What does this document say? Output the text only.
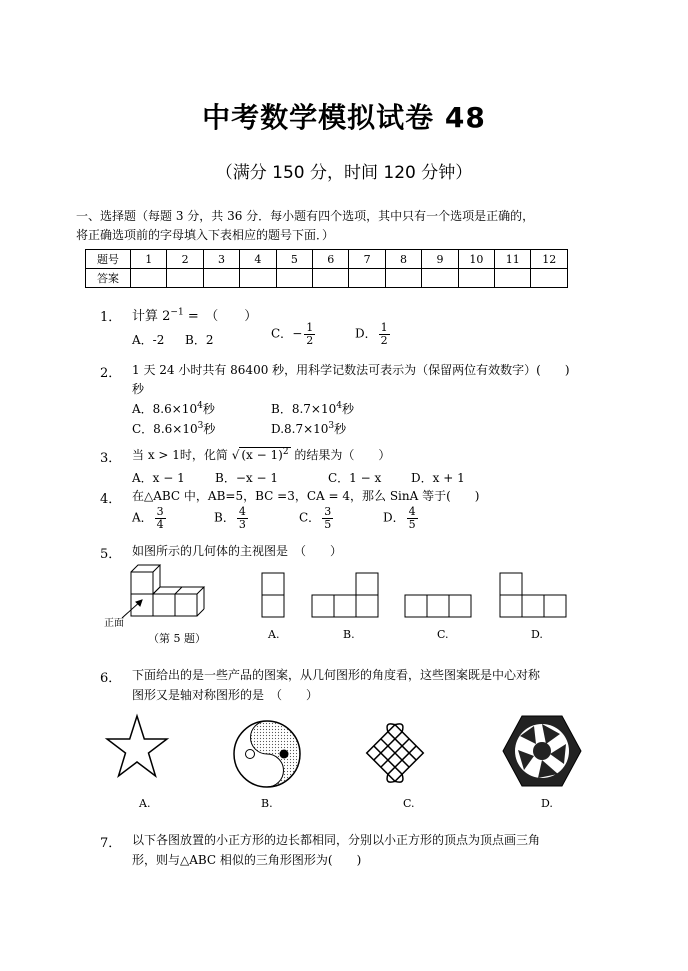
中考数学模拟试卷 48
（满分 150 分，时间 120 分钟）
一、选择题（每题 3 分，共 36 分．每小题有四个选项，其中只有一个选项是正确的，
将正确选项前的字母填入下表相应的题号下面．）
题号	1	2	3	4	5	6	7	8	9	10	11	12
答案												
1． 计算 $2^{-1}$ =　（　　）
A．-2 B．2	C．− $\frac{1}{2}$	D． $\frac{1}{2}$
2． 1 天 24 小时共有 86400 秒，用科学记数法可表示为（保留两位有效数字）(　　)
秒
A．$8.6\times 10^4$秒	B．$8.7\times 10^4$秒
C．$8.6\times 10^3$秒	$D.8.7\times 10^3$秒
3． 当 x > 1时，化简 √ $(x - 1)^2$ 的结果为（　　）
A．x − 1	B．−x − 1	C．1 − x D．x + 1
4． 在△ABC 中，AB=5，BC =3，CA = 4，那么 SinA 等于(　　)
A． $\frac{3}{4}$	B． $\frac{4}{3}$	C． $\frac{3}{5}$	D． $\frac{4}{5}$
5． 如图所示的几何体的主视图是　（　　）
正面
（第 5 题）	A.	B.	C.	D.
6． 下面给出的是一些产品的图案，从几何图形的角度看，这些图案既是中心对称
图形又是轴对称图形的是　（　　）
A.	B.	C.	D.
7． 以下各图放置的小正方形的边长都相同，分别以小正方形的顶点为顶点画三角
形，则与△ABC 相似的三角形图形为(　　)
